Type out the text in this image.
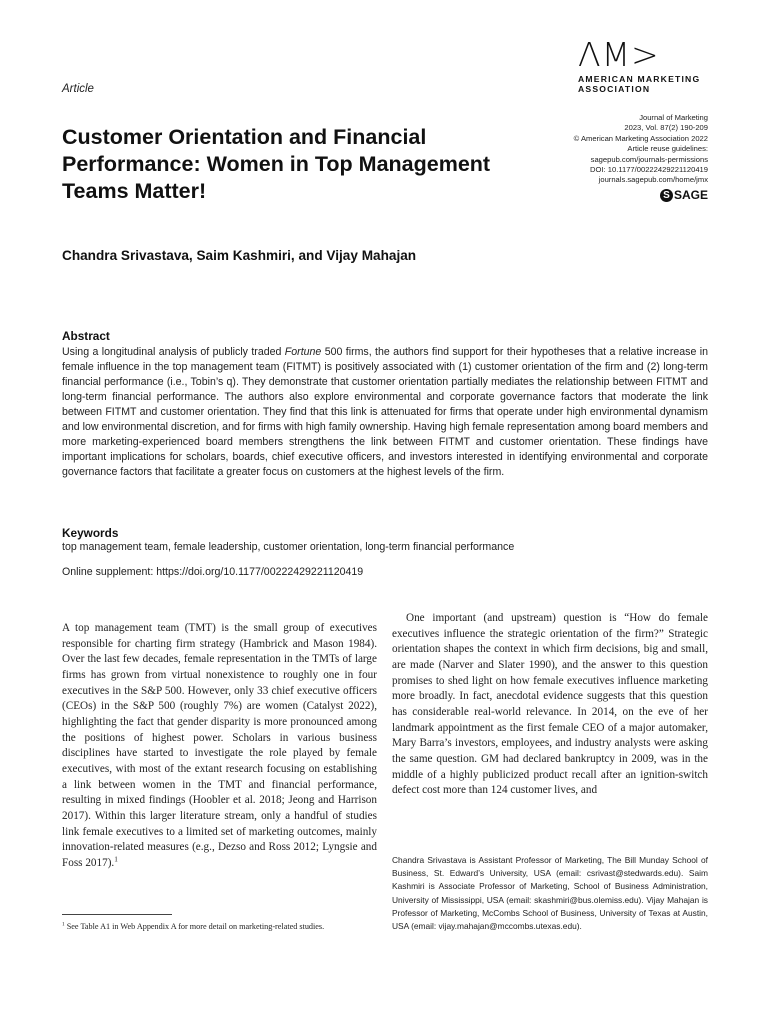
ΛM>
AMERICAN MARKETING
ASSOCIATION
Article
Journal of Marketing
2023, Vol. 87(2) 190-209
© American Marketing Association 2022
Article reuse guidelines:
sagepub.com/journals-permissions
DOI: 10.1177/00222429221120419
journals.sagepub.com/home/jmx
S SAGE
Customer Orientation and Financial Performance: Women in Top Management Teams Matter!
Chandra Srivastava, Saim Kashmiri, and Vijay Mahajan
Abstract

Using a longitudinal analysis of publicly traded Fortune 500 firms, the authors find support for their hypotheses that a relative increase in female influence in the top management team (FITMT) is positively associated with (1) customer orientation of the firm and (2) long-term financial performance (i.e., Tobin’s q). They demonstrate that customer orientation partially mediates the relationship between FITMT and long-term financial performance. The authors also explore environmental and corporate governance factors that moderate the link between FITMT and customer orientation. They find that this link is attenuated for firms that operate under high environmental dynamism and low environmental discretion, and for firms with high family ownership. Having high female representation among board members and more marketing-experienced board members strengthens the link between FITMT and customer orientation. These findings have important implications for scholars, boards, chief executive officers, and investors interested in identifying environmental and corporate governance factors that facilitate a greater focus on customers at the highest levels of the firm.

Keywords
top management team, female leadership, customer orientation, long-term financial performance
Online supplement: https://doi.org/10.1177/00222429221120419

A top management team (TMT) is the small group of executives responsible for charting firm strategy (Hambrick and Mason 1984). Over the last few decades, female representation in the TMTs of large firms has grown from virtual nonexistence to roughly one in four executives in the S&P 500. However, only 33 chief executive officers (CEOs) in the S&P 500 (roughly 7%) are women (Catalyst 2022), highlighting the fact that gender disparity is more pronounced among the positions of highest power. Scholars in various business disciplines have started to investigate the role played by female executives, with most of the extant research focusing on establishing a link between women in the TMT and financial performance, resulting in mixed findings (Hoobler et al. 2018; Jeong and Harrison 2017). Within this larger literature stream, only a handful of studies link female executives to a limited set of marketing outcomes, mainly innovation-related measures (e.g., Dezso and Ross 2012; Lyngsie and Foss 2017).$^1$

One important (and upstream) question is “How do female executives influence the strategic orientation of the firm?” Strategic orientation shapes the context in which firm decisions, big and small, are made (Narver and Slater 1990), and the answer to this question promises to shed light on how female executives influence marketing more broadly. In fact, anecdotal evidence suggests that this question has considerable real-world relevance. In 2014, on the eve of her landmark appointment as the first female CEO of a major automaker, Mary Barra’s investors, employees, and industry analysts were asking the same question. GM had declared bankruptcy in 2009, was in the middle of a highly publicized product recall after an ignition-switch defect cost more than 124 customer lives, and

$^1$ See Table A1 in Web Appendix A for more detail on marketing-related studies.

Chandra Srivastava is Assistant Professor of Marketing, The Bill Munday School of Business, St. Edward’s University, USA (email: csrivast@stedwards.edu). Saim Kashmiri is Associate Professor of Marketing, School of Business Administration, University of Mississippi, USA (email: skashmiri@bus.olemiss.edu). Vijay Mahajan is Professor of Marketing, McCombs School of Business, University of Texas at Austin, USA (email: vijay.mahajan@mccombs.utexas.edu).
